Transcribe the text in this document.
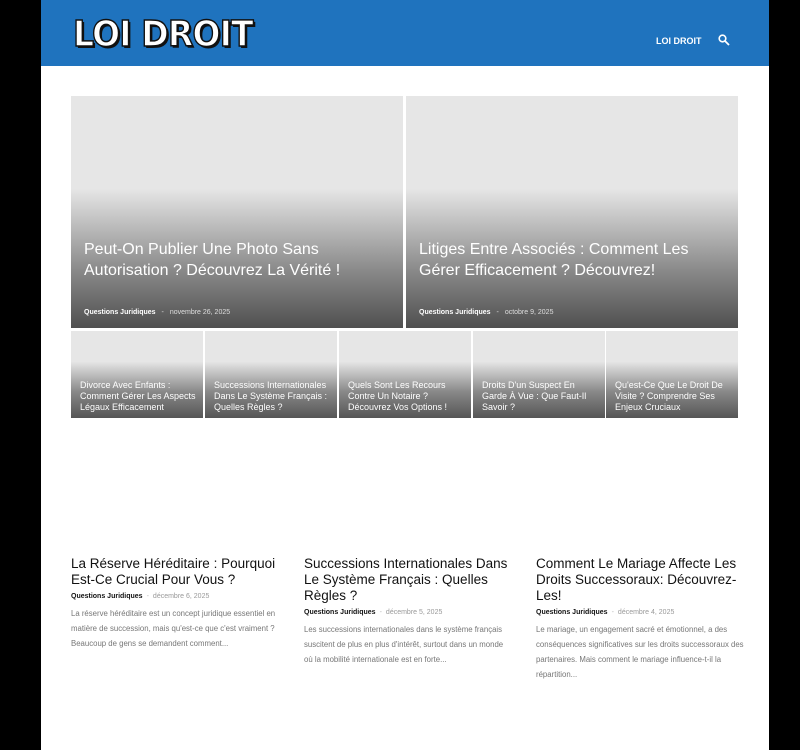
LOI DROIT	LOI DROIT
Peut-On Publier Une Photo Sans Autorisation ? Découvrez La Vérité !
Questions Juridiques - novembre 26, 2025
Litiges Entre Associés : Comment Les Gérer Efficacement ? Découvrez!
Questions Juridiques - octobre 9, 2025
Divorce Avec Enfants : Comment Gérer Les Aspects Légaux Efficacement
Successions Internationales Dans Le Système Français : Quelles Règles ?
Quels Sont Les Recours Contre Un Notaire ? Découvrez Vos Options !
Droits D'un Suspect En Garde À Vue : Que Faut-Il Savoir ?
Qu'est-Ce Que Le Droit De Visite ? Comprendre Ses Enjeux Cruciaux
La Réserve Héréditaire : Pourquoi Est-Ce Crucial Pour Vous ?
Questions Juridiques - décembre 6, 2025
La réserve héréditaire est un concept juridique essentiel en matière de succession, mais qu'est-ce que c'est vraiment ? Beaucoup de gens se demandent comment...
Successions Internationales Dans Le Système Français : Quelles Règles ?
Questions Juridiques - décembre 5, 2025
Les successions internationales dans le système français suscitent de plus en plus d'intérêt, surtout dans un monde où la mobilité internationale est en forte...
Comment Le Mariage Affecte Les Droits Successoraux: Découvrez-Les!
Questions Juridiques - décembre 4, 2025
Le mariage, un engagement sacré et émotionnel, a des conséquences significatives sur les droits successoraux des partenaires. Mais comment le mariage influence-t-il la répartition...
